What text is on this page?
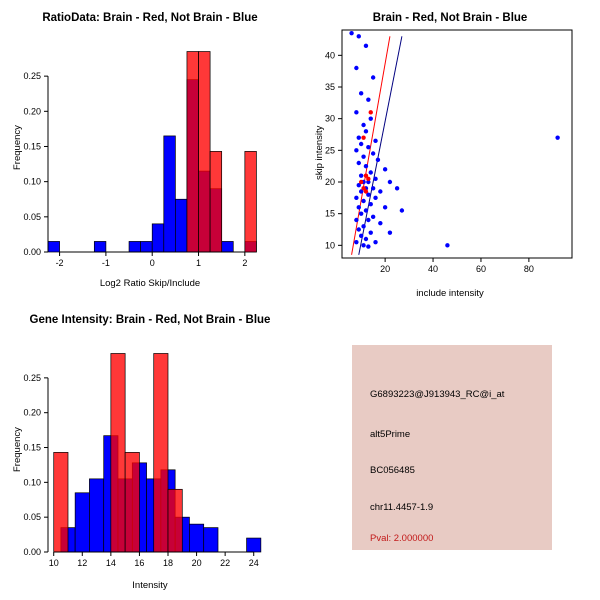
RatioData: Brain - Red, Not Brain - Blue
-2	-1	0	1	2
0.00
0.05
0.10
0.15
0.20
0.25
Log2 Ratio Skip/Include
Frequency
Brain - Red, Not Brain - Blue
20	40	60	80
10
15
20
25
30
35
40
include intensity
skip intensity
Gene Intensity: Brain - Red, Not Brain - Blue
10 12 14 16 18 20 22 24
0.00
0.05
0.10
0.15
0.20
0.25
Intensity
Frequency
G6893223@J913943_RC@i_at
alt5Prime
BC056485
chr11.4457-1.9
Pval: 2.000000
